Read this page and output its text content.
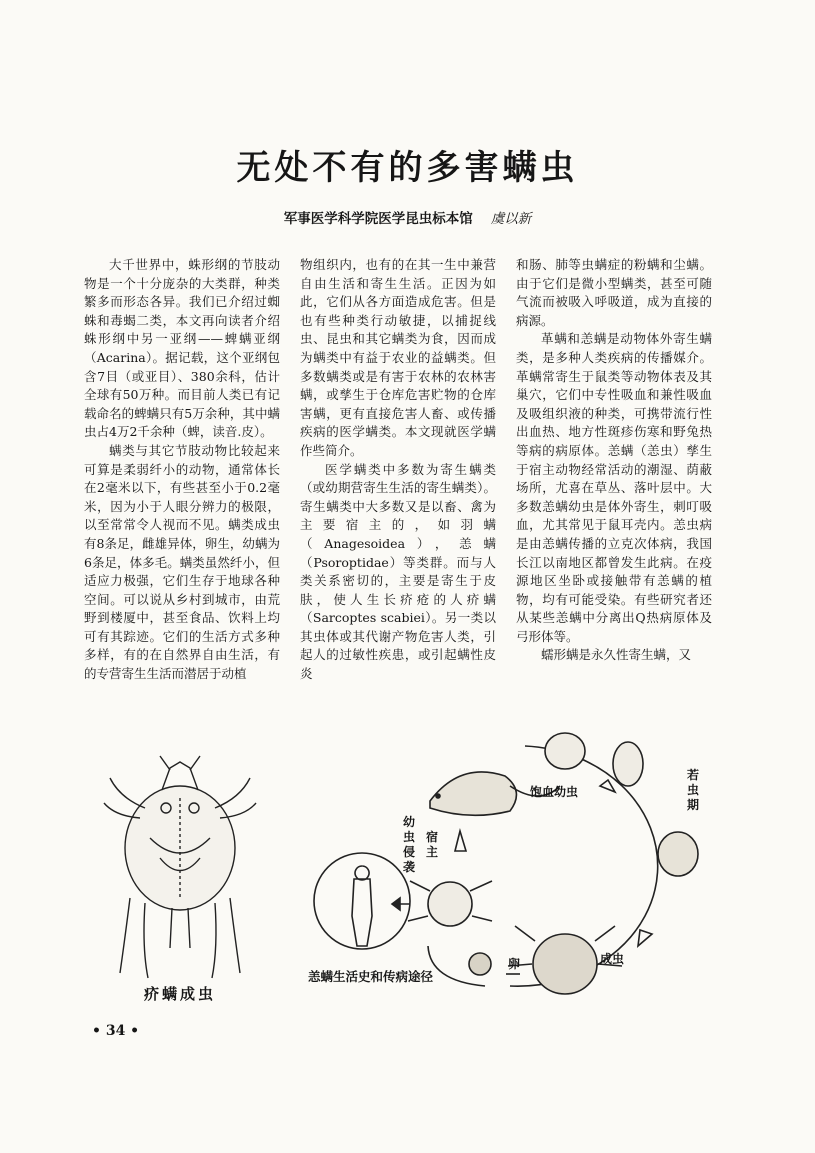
无处不有的多害螨虫
军事医学科学院医学昆虫标本馆 虞以新

大千世界中，蛛形纲的节肢动物是一个十分庞杂的大类群，种类繁多而形态各异。我们已介绍过蜘蛛和毒蝎二类，本文再向读者介绍蛛形纲中另一亚纲——蜱螨亚纲（Acarina）。据记载，这个亚纲包含7目（或亚目）、380余科，估计全球有50万种。而目前人类已有记载命名的蜱螨只有5万余种，其中螨虫占4万2千余种（蜱，读音.皮）。

螨类与其它节肢动物比较起来可算是柔弱纤小的动物，通常体长在2毫米以下，有些甚至小于0.2毫米，因为小于人眼分辨力的极限，以至常常令人视而不见。螨类成虫有8条足，雌雄异体，卵生，幼螨为6条足，体多毛。螨类虽然纤小，但适应力极强，它们生存于地球各种空间。可以说从乡村到城市，由荒野到楼厦中，甚至食品、饮料上均可有其踪迹。它们的生活方式多种多样，有的在自然界自由生活，有的专营寄生生活而潜居于动植

物组织内，也有的在其一生中兼营自由生活和寄生生活。正因为如此，它们从各方面造成危害。但是也有些种类行动敏捷，以捕捉线虫、昆虫和其它螨类为食，因而成为螨类中有益于农业的益螨类。但多数螨类或是有害于农林的农林害螨，或孳生于仓库危害贮物的仓库害螨，更有直接危害人畜、或传播疾病的医学螨类。本文现就医学螨作些简介。

医学螨类中多数为寄生螨类（或幼期营寄生生活的寄生螨类）。寄生螨类中大多数又是以畜、禽为主要宿主的，如羽螨（Anagesoidea），恙螨（Psoroptidae）等类群。而与人类关系密切的，主要是寄生于皮肤，使人生长疥疮的人疥螨（Sarcoptes scabiei）。另一类以其虫体或其代谢产物危害人类，引起人的过敏性疾患，或引起螨性皮炎

和肠、肺等虫螨症的粉螨和尘螨。由于它们是微小型螨类，甚至可随气流而被吸入呼吸道，成为直接的病源。

革螨和恙螨是动物体外寄生螨类，是多种人类疾病的传播媒介。革螨常寄生于鼠类等动物体表及其巢穴，它们中专性吸血和兼性吸血及吸组织液的种类，可携带流行性出血热、地方性斑疹伤寒和野兔热等病的病原体。恙螨（恙虫）孳生于宿主动物经常活动的潮湿、荫蔽场所，尤喜在草丛、落叶层中。大多数恙螨幼虫是体外寄生，刺叮吸血，尤其常见于鼠耳壳内。恙虫病是由恙螨传播的立克次体病，我国长江以南地区都曾发生此病。在疫源地区坐卧或接触带有恙螨的植物，均有可能受染。有些研究者还从某些恙螨中分离出Q热病原体及弓形体等。

蠕形螨是永久性寄生螨，又

疥螨成虫
饱血幼虫
若虫期
成虫
卵
宿主
幼虫侵袭
恙螨生活史和传病途径
• 34 •
